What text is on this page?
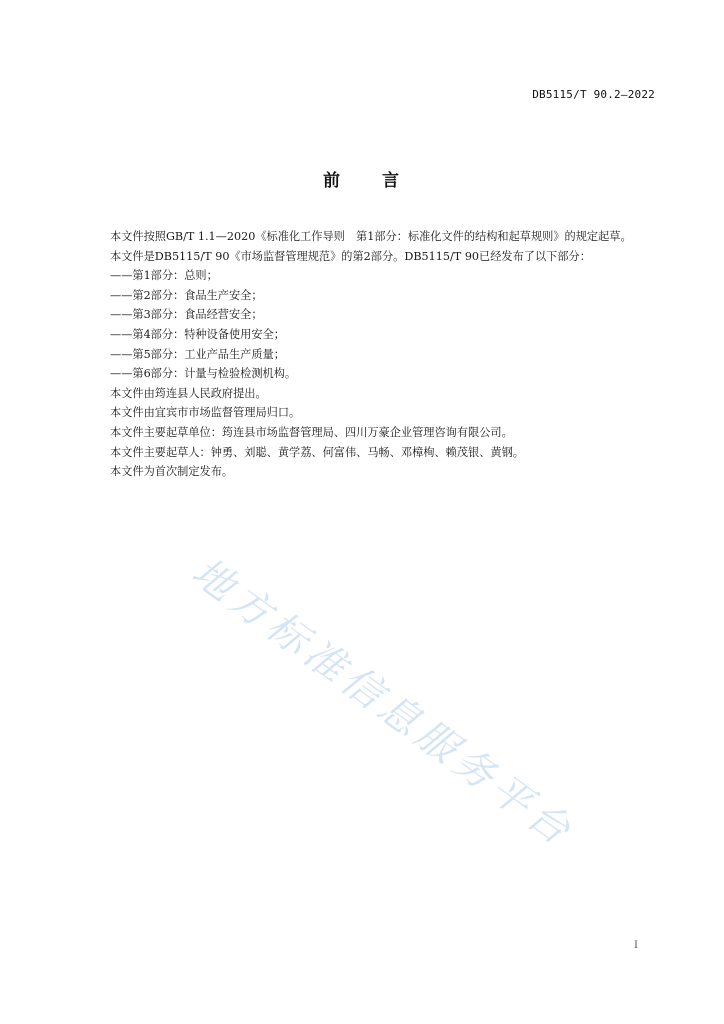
DB5115/T 90.2—2022
前 言

本文件按照GB/T 1.1—2020《标准化工作导则　第1部分：标准化文件的结构和起草规则》的规定起草。

本文件是DB5115/T 90《市场监督管理规范》的第2部分。DB5115/T 90已经发布了以下部分：

——第1部分：总则；

——第2部分：食品生产安全；

——第3部分：食品经营安全；

——第4部分：特种设备使用安全；

——第5部分：工业产品生产质量；

——第6部分：计量与检验检测机构。

本文件由筠连县人民政府提出。

本文件由宜宾市市场监督管理局归口。

本文件主要起草单位：筠连县市场监督管理局、四川万豪企业管理咨询有限公司。

本文件主要起草人：钟勇、刘聪、黄学荔、何富伟、马畅、邓樟栒、赖茂银、黄钢。

本文件为首次制定发布。

地方标准信息服务平台
I
